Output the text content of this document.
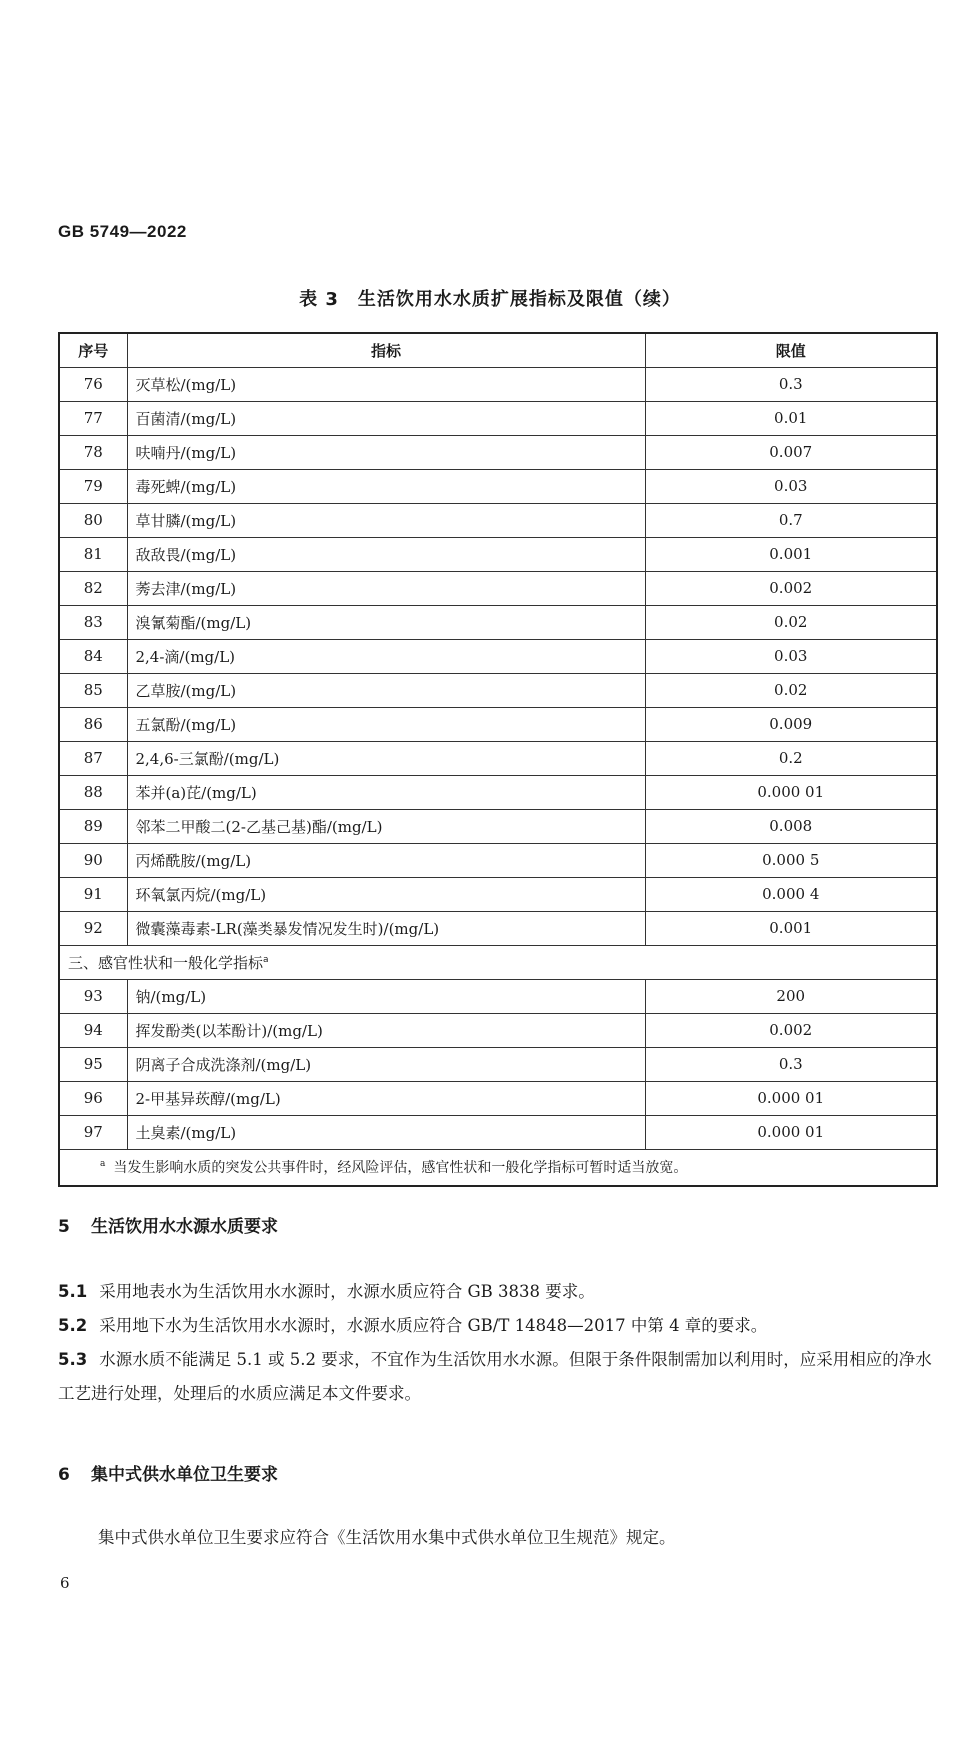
GB 5749—2022
表 3　生活饮用水水质扩展指标及限值（续）
序号	指标	限值
76	灭草松/(mg/L)	0.3
77	百菌清/(mg/L)	0.01
78	呋喃丹/(mg/L)	0.007
79	毒死蜱/(mg/L)	0.03
80	草甘膦/(mg/L)	0.7
81	敌敌畏/(mg/L)	0.001
82	莠去津/(mg/L)	0.002
83	溴氰菊酯/(mg/L)	0.02
84	2,4-滴/(mg/L)	0.03
85	乙草胺/(mg/L)	0.02
86	五氯酚/(mg/L)	0.009
87	2,4,6-三氯酚/(mg/L)	0.2
88	苯并(a)芘/(mg/L)	0.000 01
89	邻苯二甲酸二(2-乙基己基)酯/(mg/L)	0.008
90	丙烯酰胺/(mg/L)	0.000 5
91	环氧氯丙烷/(mg/L)	0.000 4
92	微囊藻毒素-LR(藻类暴发情况发生时)/(mg/L)	0.001
三、感官性状和一般化学指标$^a$
93	钠/(mg/L)	200
94	挥发酚类(以苯酚计)/(mg/L)	0.002
95	阴离子合成洗涤剂/(mg/L)	0.3
96	2-甲基异莰醇/(mg/L)	0.000 01
97	土臭素/(mg/L)	0.000 01
$^a$ 当发生影响水质的突发公共事件时，经风险评估，感官性状和一般化学指标可暂时适当放宽。		
5 生活饮用水水源水质要求
5.1 采用地表水为生活饮用水水源时，水源水质应符合 GB 3838 要求。
5.2 采用地下水为生活饮用水水源时，水源水质应符合 GB/T 14848—2017 中第 4 章的要求。
5.3 水源水质不能满足 5.1 或 5.2 要求，不宜作为生活饮用水水源。但限于条件限制需加以利用时，应采用相应的净水工艺进行处理，处理后的水质应满足本文件要求。
6 集中式供水单位卫生要求
集中式供水单位卫生要求应符合《生活饮用水集中式供水单位卫生规范》规定。
6
